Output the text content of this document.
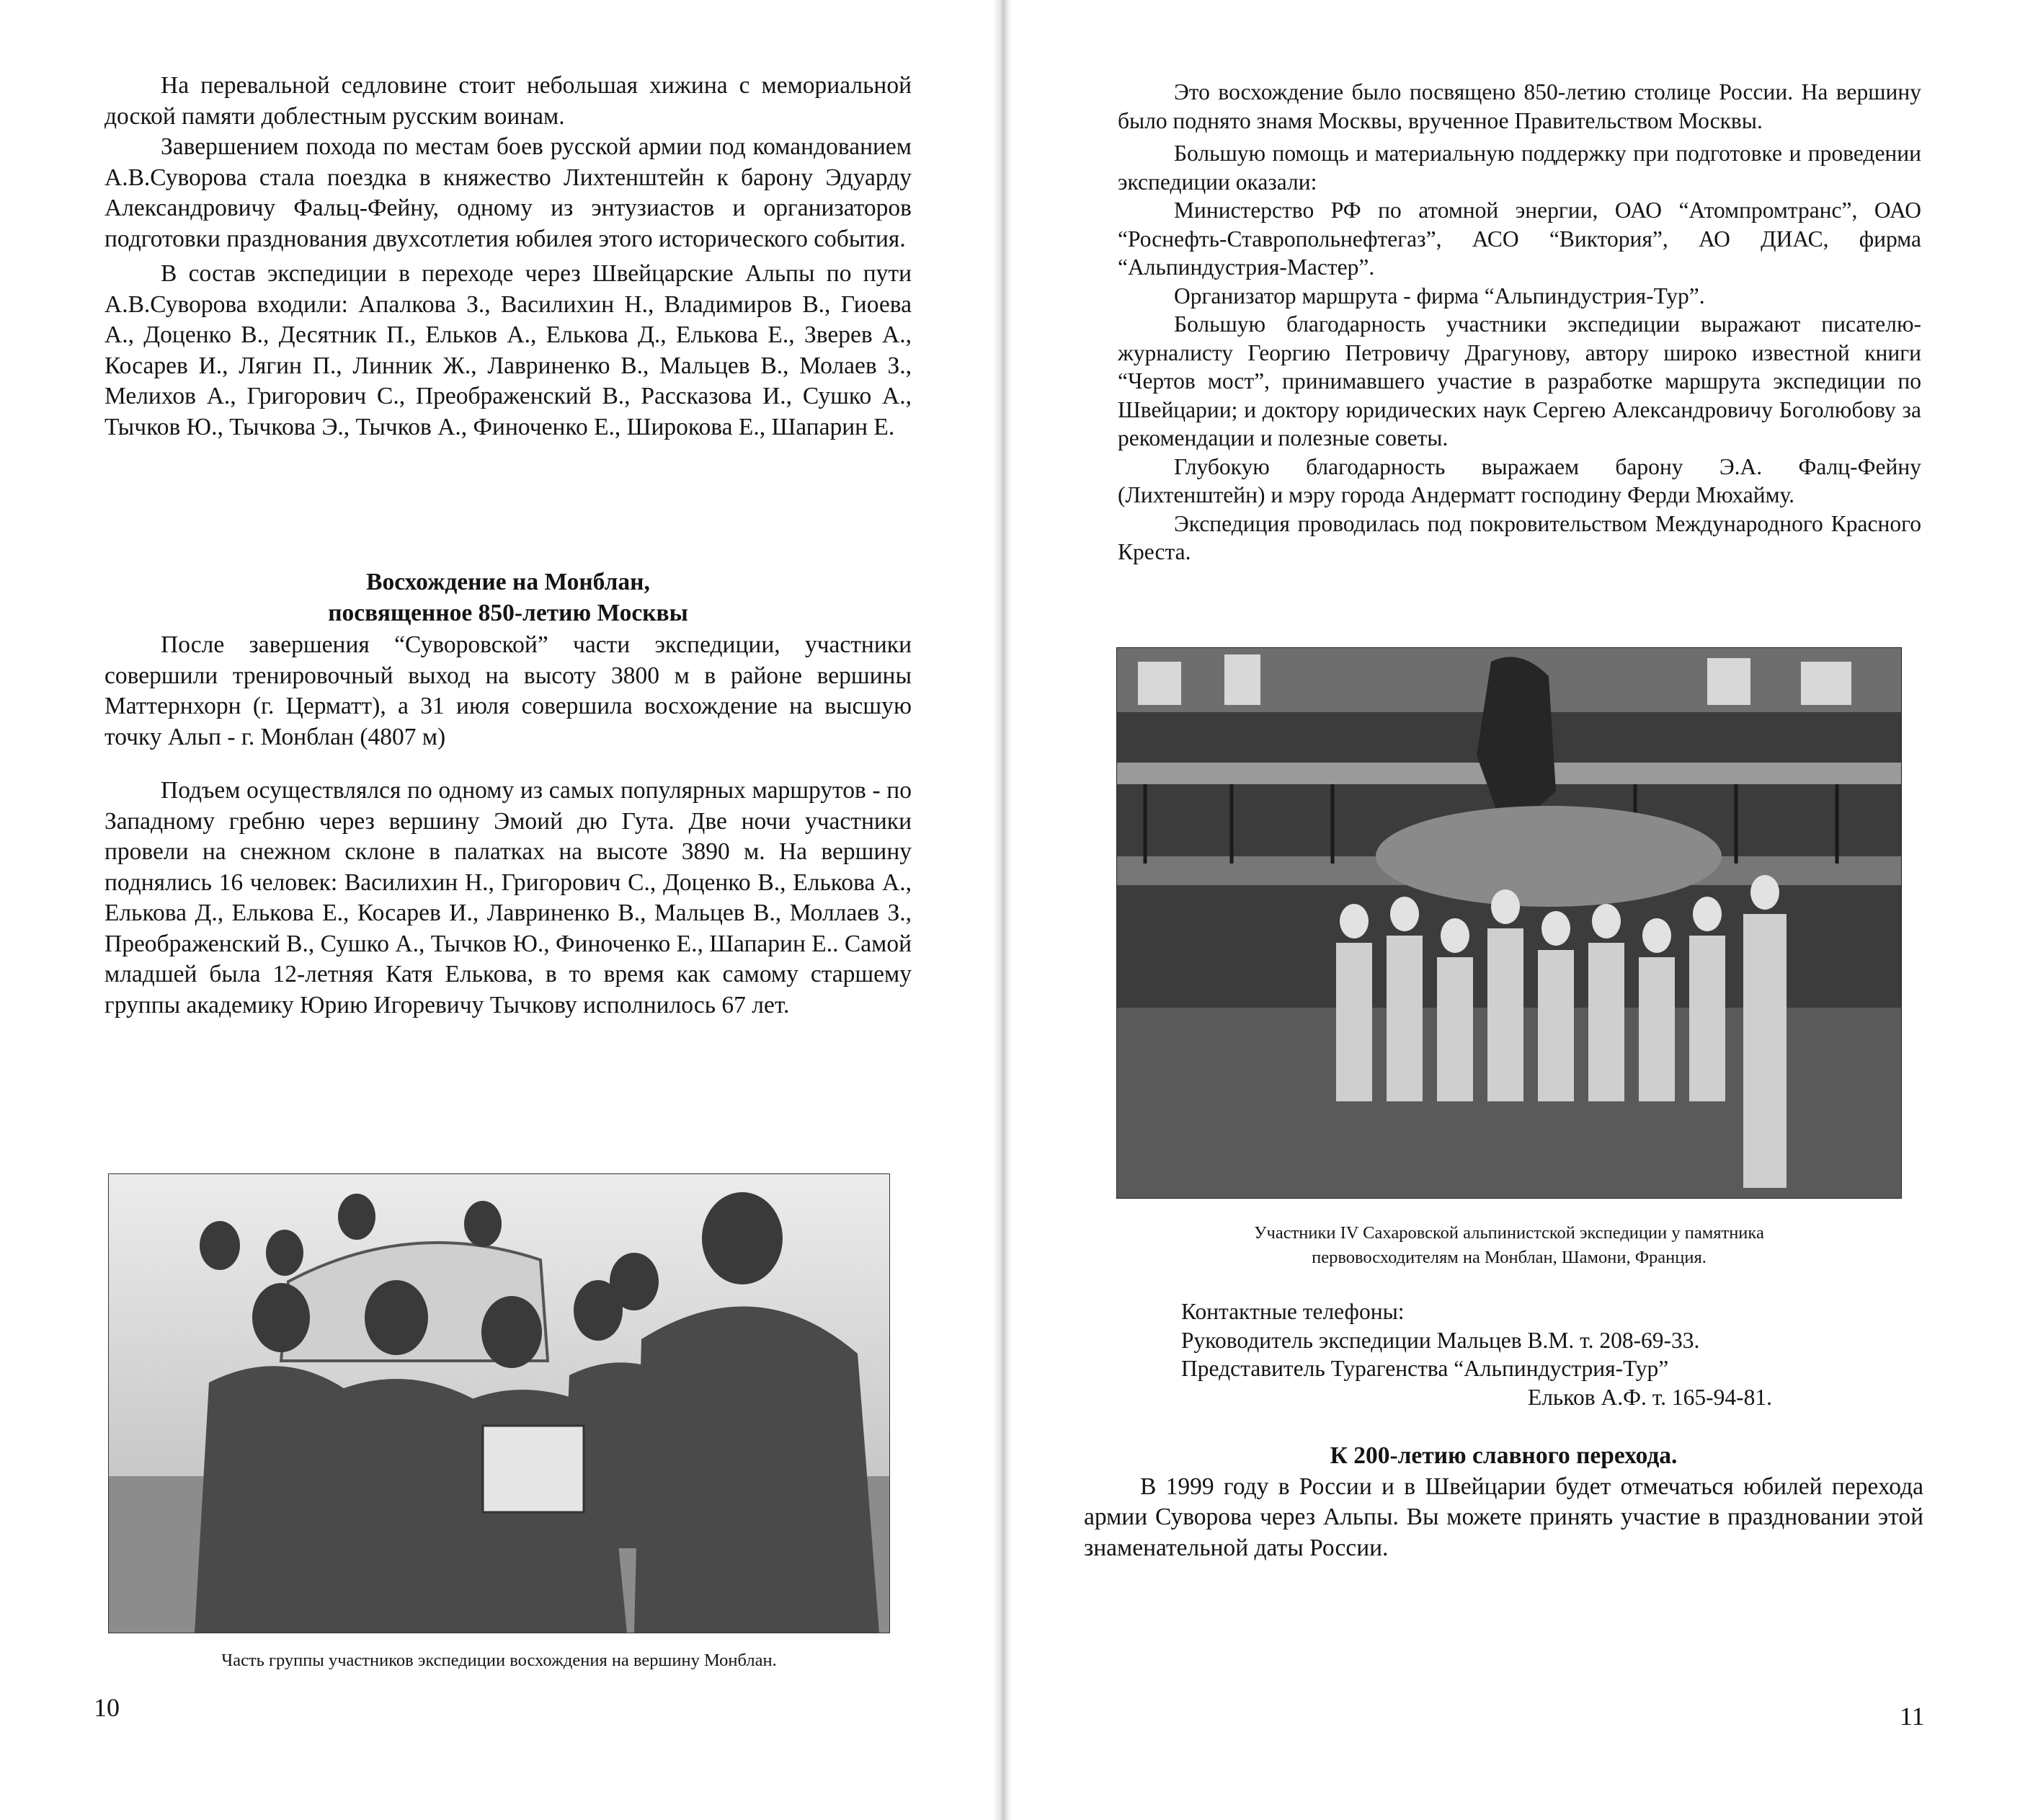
На перевальной седловине стоит небольшая хижина с мемориальной доской памяти доблестным русским воинам.

Завершением похода по местам боев русской армии под командованием А.В.Суворова стала поездка в княжество Лихтенштейн к барону Эдуарду Александровичу Фальц-Фейну, одному из энтузиастов и организаторов подготовки празднования двухсотлетия юбилея этого исторического события.

В состав экспедиции в переходе через Швейцарские Альпы по пути А.В.Суворова входили: Апалкова З., Василихин Н., Владимиров В., Гиоева А., Доценко В., Десятник П., Ельков А., Елькова Д., Елькова Е., Зверев А., Косарев И., Лягин П., Линник Ж., Лавриненко В., Мальцев В., Молаев З., Мелихов А., Григорович С., Преображенский В., Рассказова И., Сушко А., Тычков Ю., Тычкова Э., Тычков А., Финоченко Е., Широкова Е., Шапарин Е.

Восхождение на Монблан,

посвященное 850-летию Москвы

После завершения “Суворовской” части экспедиции, участники совершили тренировочный выход на высоту 3800 м в районе вершины Маттернхорн (г. Церматт), а 31 июля совершила восхождение на высшую точку Альп - г. Монблан (4807 м)

Подъем осуществлялся по одному из самых популярных маршрутов - по Западному гребню через вершину Эмоий дю Гута. Две ночи участники провели на снежном склоне в палатках на высоте 3890 м. На вершину поднялись 16 человек: Василихин Н., Григорович С., Доценко В., Елькова А., Елькова Д., Елькова Е., Косарев И., Лавриненко В., Мальцев В., Моллаев З., Преображенский В., Сушко А., Тычков Ю., Финоченко Е., Шапарин Е.. Самой младшей была 12-летняя Катя Елькова, в то время как самому старшему группы академику Юрию Игоревичу Тычкову исполнилось 67 лет.

Часть группы участников экспедиции восхождения на вершину Монблан.
10

Это восхождение было посвящено 850-летию столице России. На вершину было поднято знамя Москвы, врученное Правительством Москвы.

Большую помощь и материальную поддержку при подготовке и проведении экспедиции оказали:

Министерство РФ по атомной энергии, ОАО “Атомпромтранс”, ОАО “Роснефть-Ставропольнефтегаз”, АСО “Виктория”, АО ДИАС, фирма “Альпиндустрия-Мастер”.

Организатор маршрута - фирма “Альпиндустрия-Тур”.

Большую благодарность участники экспедиции выражают писателю-журналисту Георгию Петровичу Драгунову, автору широко известной книги “Чертов мост”, принимавшего участие в разработке маршрута экспедиции по Швейцарии; и доктору юридических наук Сергею Александровичу Боголюбову за рекомендации и полезные советы.

Глубокую благодарность выражаем барону Э.А. Фалц-Фейну (Лихтенштейн) и мэру города Андерматт господину Ферди Мюхайму.

Экспедиция проводилась под покровительством Международного Красного Креста.

Участники IV Сахаровской альпинистской экспедиции у памятника
первовосходителям на Монблан, Шамони, Франция.

Контактные телефоны:

Руководитель экспедиции Мальцев В.М. т. 208-69-33.

Представитель Турагенства “Альпиндустрия-Тур”

Ельков А.Ф. т. 165-94-81.

К 200-летию славного перехода.

В 1999 году в России и в Швейцарии будет отмечаться юбилей перехода армии Суворова через Альпы. Вы можете принять участие в праздновании этой знаменательной даты России.

11
